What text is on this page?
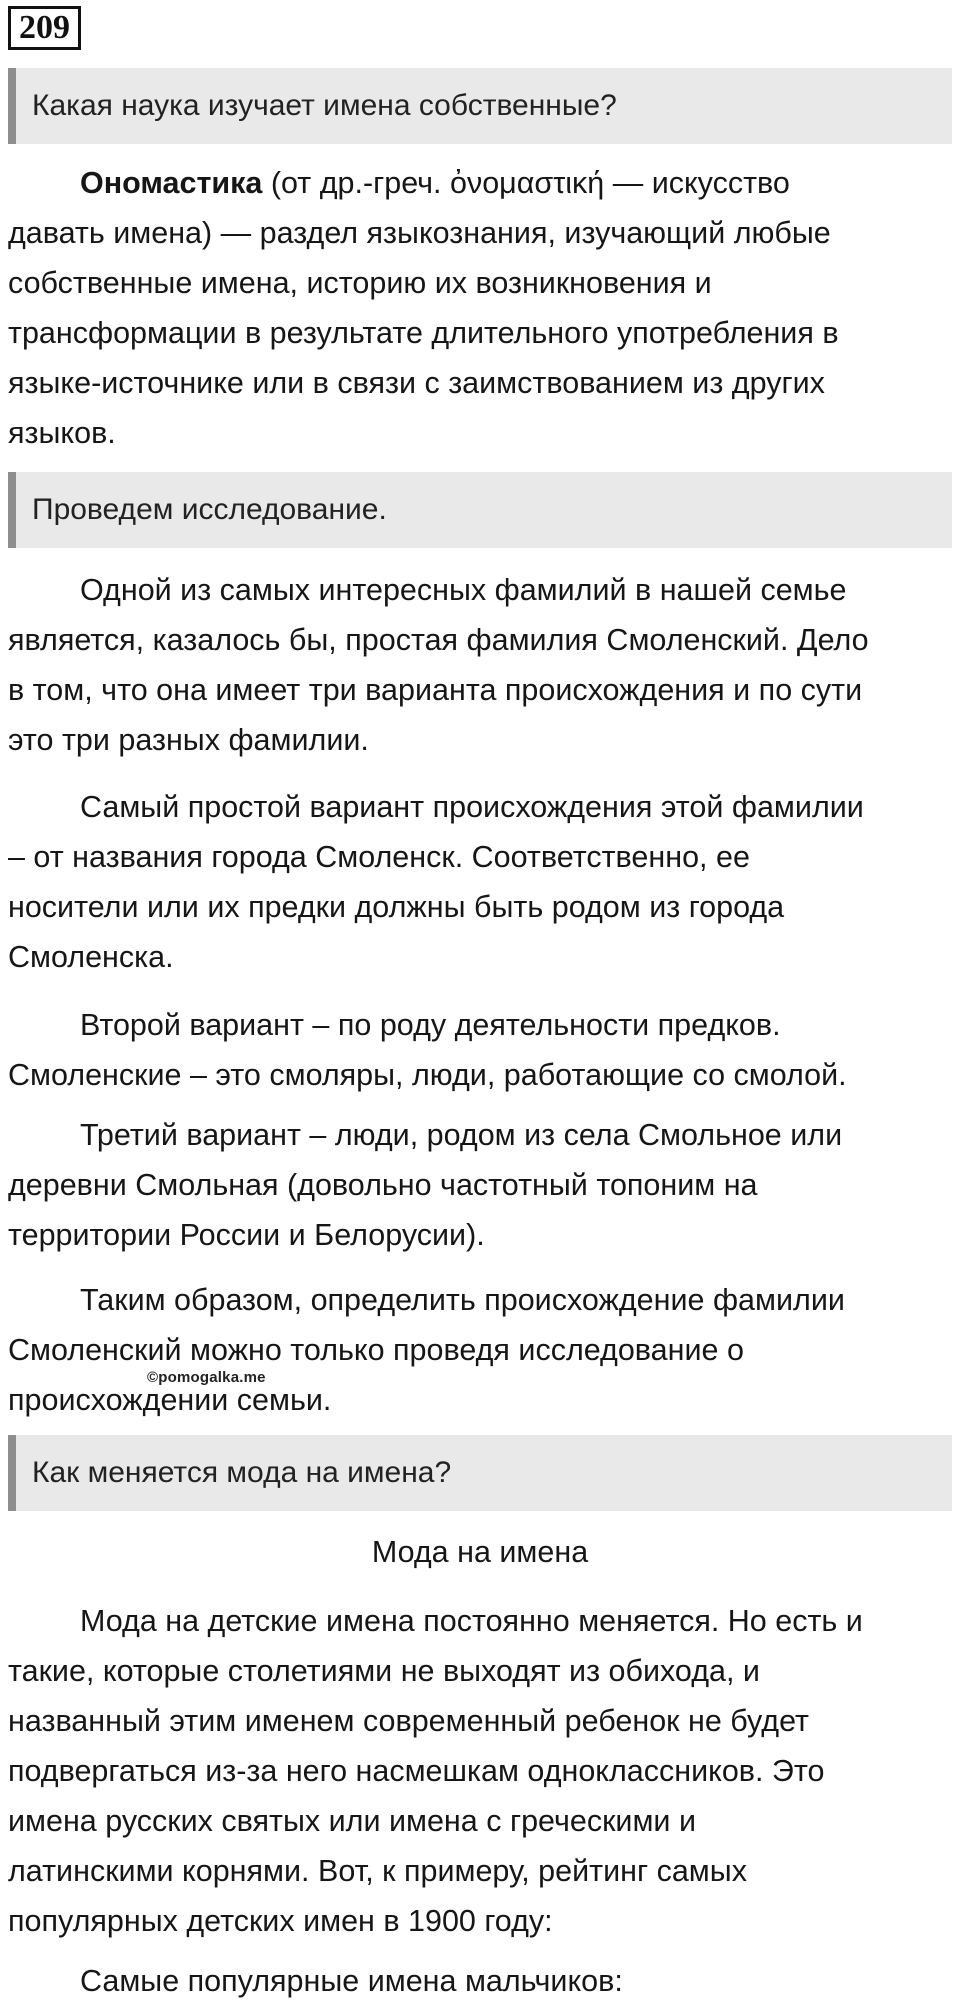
209
Какая наука изучает имена собственные?
Ономастика (от др.-греч. ὀνομαστική — искусство
давать имена) — раздел языкознания, изучающий любые
собственные имена, историю их возникновения и
трансформации в результате длительного употребления в
языке-источнике или в связи с заимствованием из других
языков.
Проведем исследование.
Одной из самых интересных фамилий в нашей семье
является, казалось бы, простая фамилия Смоленский. Дело
в том, что она имеет три варианта происхождения и по сути
это три разных фамилии.
Самый простой вариант происхождения этой фамилии
– от названия города Смоленск. Соответственно, ее
носители или их предки должны быть родом из города
Смоленска.
Второй вариант – по роду деятельности предков.
Смоленские – это смоляры, люди, работающие со смолой.
Третий вариант – люди, родом из села Смольное или
деревни Смольная (довольно частотный топоним на
территории России и Белорусии).
Таким образом, определить происхождение фамилии
Смоленский можно только проведя исследование о
происхождении семьи.
©pomogalka.me
Как меняется мода на имена?
Мода на имена
Мода на детские имена постоянно меняется. Но есть и
такие, которые столетиями не выходят из обихода, и
названный этим именем современный ребенок не будет
подвергаться из-за него насмешкам одноклассников. Это
имена русских святых или имена с греческими и
латинскими корнями. Вот, к примеру, рейтинг самых
популярных детских имен в 1900 году:
Самые популярные имена мальчиков:
